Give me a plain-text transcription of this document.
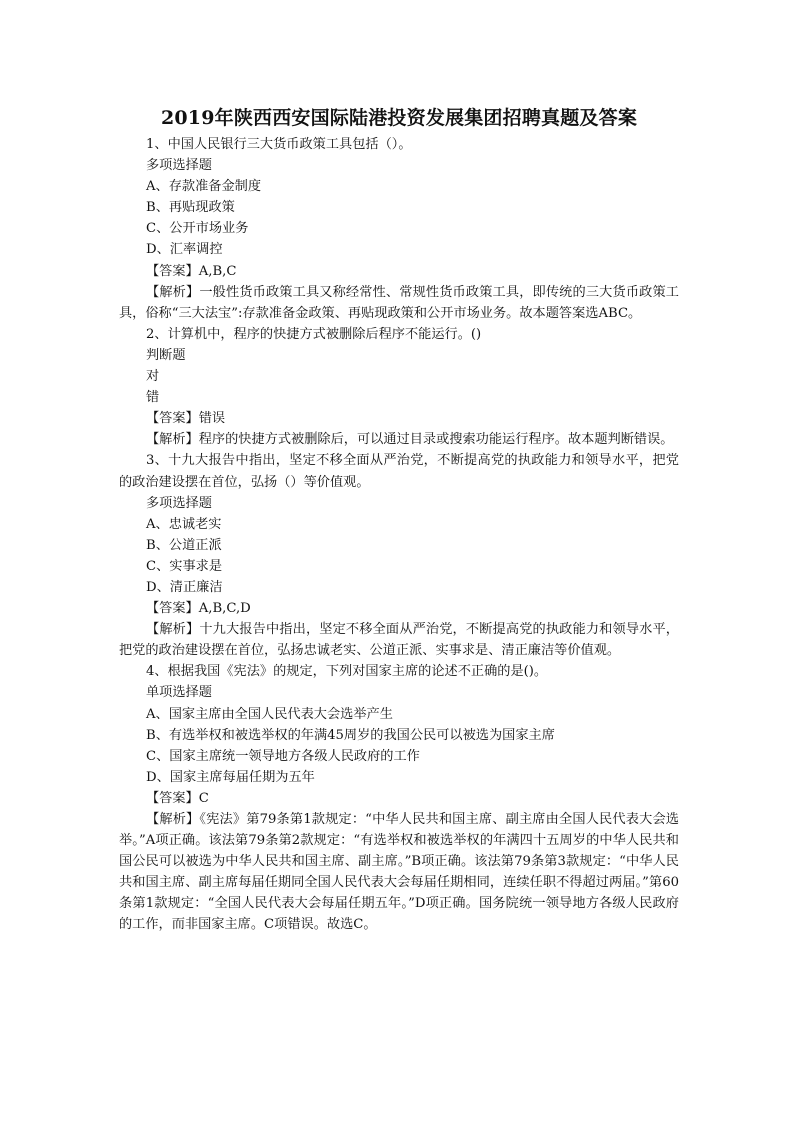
2019年陕西西安国际陆港投资发展集团招聘真题及答案
1、中国人民银行三大货币政策工具包括（）。
多项选择题
A、存款准备金制度
B、再贴现政策
C、公开市场业务
D、汇率调控
【答案】A,B,C
【解析】一般性货币政策工具又称经常性、常规性货币政策工具，即传统的三大货币政策工具，俗称“三大法宝”:存款准备金政策、再贴现政策和公开市场业务。故本题答案选ABC。
2、计算机中，程序的快捷方式被删除后程序不能运行。()
判断题
对
错
【答案】错误
【解析】程序的快捷方式被删除后，可以通过目录或搜索功能运行程序。故本题判断错误。
3、十九大报告中指出，坚定不移全面从严治党，不断提高党的执政能力和领导水平，把党的政治建设摆在首位，弘扬（）等价值观。
多项选择题
A、忠诚老实
B、公道正派
C、实事求是
D、清正廉洁
【答案】A,B,C,D
【解析】十九大报告中指出，坚定不移全面从严治党，不断提高党的执政能力和领导水平，把党的政治建设摆在首位，弘扬忠诚老实、公道正派、实事求是、清正廉洁等价值观。
4、根据我国《宪法》的规定，下列对国家主席的论述不正确的是()。
单项选择题
A、国家主席由全国人民代表大会选举产生
B、有选举权和被选举权的年满45周岁的我国公民可以被选为国家主席
C、国家主席统一领导地方各级人民政府的工作
D、国家主席每届任期为五年
【答案】C
【解析】《宪法》第79条第1款规定：“中华人民共和国主席、副主席由全国人民代表大会选举。”A项正确。该法第79条第2款规定：“有选举权和被选举权的年满四十五周岁的中华人民共和国公民可以被选为中华人民共和国主席、副主席。”B项正确。该法第79条第3款规定：“中华人民共和国主席、副主席每届任期同全国人民代表大会每届任期相同，连续任职不得超过两届。”第60条第1款规定：“全国人民代表大会每届任期五年。”D项正确。国务院统一领导地方各级人民政府的工作，而非国家主席。C项错误。故选C。
